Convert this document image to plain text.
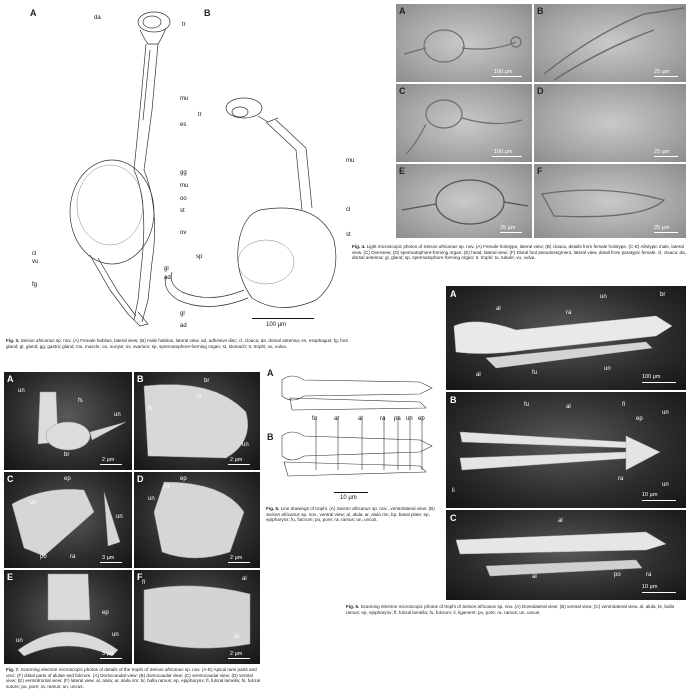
A	B
da
tr
mu
es
gg
mu
oo
st
ov
cl
vu
fg
gl
ad
tr
mu
cl
st
sp
gl
ad
100 µm
Fig. 3. Seison africanus sp. nov. (A) Female habitus, lateral view; (B) male habitus, lateral view. ad, adhesive disc; cl, cloaca; da, dorsal antenna; es, esophagus; fg, foot gland; gl, gland; gg, gastric gland; mu, muscle; oo, oocyte; ov, ovarium; sp, spermatophore-forming organ; st, stomach; tr, trophi; vu, vulva.
A
100 µm
B
25 µm
C
100 µm
D
25 µm
E
25 µm
F
25 µm
Fig. 4. Light microscopic photos of Seison africanus sp. nov. (A) Female holotype, lateral view; (B) cloaca, details from female holotype. (C-E) Allotypic male, lateral view. (C) Overview; (D) spermatophore-forming organ; (E) head, lateral view; (F) Distal foot pseudosegment, lateral view, detail from paratypic female. cl, cloaca; da, dorsal antenna; gl, gland; sp, spermatophore-forming organ; tr, trophi; tu, tubule; vu, vulva.
A	br
al
ra
un
al	fu
un
100 µm
B	fu	al	fl
ep
un
li
ra
un
10 µm
C	al
al	po	ra
10 µm
Fig. 6. Scanning electron microscopic photos of trophi of Seison africanus sp. nov. (A) Dorsolateral view; (B) ventral view; (C) ventrolateral view. al, alula; br, bulla ramus; ep, epipharynx; fl, fulcral lamella; fu, fulcrum; li, ligament; po, pore; ra, ramus; un, uncus.
A
B
fu	ar	al	ra pa un ep
10 µm
Fig. 5. Line drawings of trophi. (A) Seison africanus sp. nov., ventrolateral view; (B) Seison africanus sp. nov., ventral view; al, alula; ar, alula rim; bp, basal plate; ep, epipharynx; fu, fulcrum; po, pore; ra, ramus; un, uncus.
A
un
fs
un
br
2 µm
B	br
ra
fs
un
2 µm
C	ep
un
un
po	ra	3 µm
D	ep
ra
un
2 µm
E
ep
un
un
3 µm
F
fl
al
al
2 µm
Fig. 7. Scanning electron microscopic photos of details of the trophi of Seison africanus sp. nov. (A-E) Apical rami parts and unci; (F) distal parts of alulae and fulcrum. (A) Dorsocaudal view; (B) dorsocaudal view; (C) ventrocaudal view; (D) ventral view; (E) ventrofrontal view; (F) lateral view. al, alula; ar, alula rim; br, bulla ramus; ep, epipharynx; fl, fulcral lamella; fs, fulcral suture; po, pore; ra, ramus; un, uncus.
